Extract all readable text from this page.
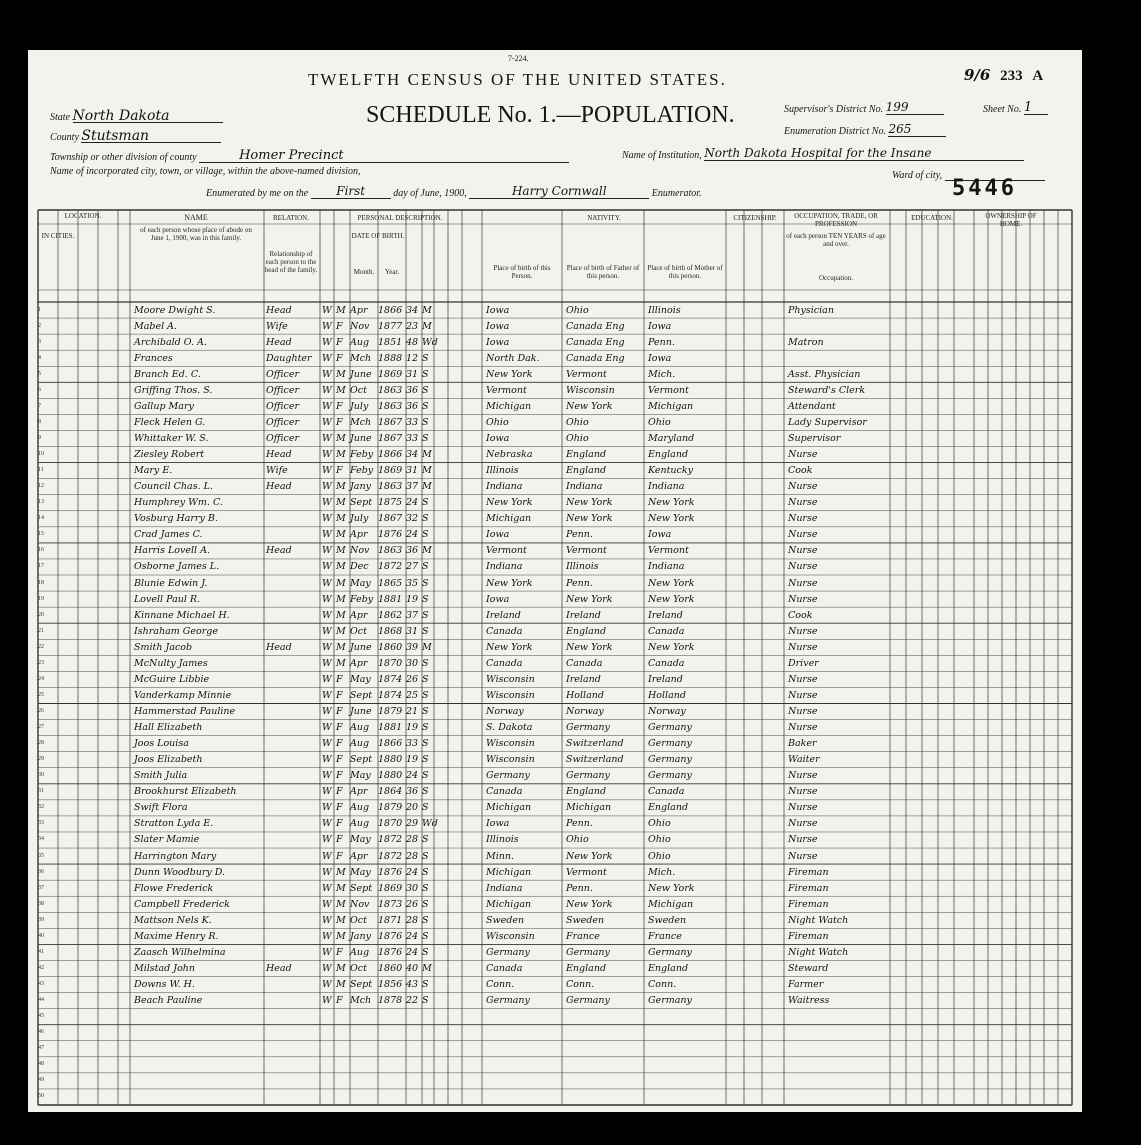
7-224.
TWELFTH CENSUS OF THE UNITED STATES.
SCHEDULE No. 1.—POPULATION.
9/6 233 A
State North Dakota
County Stutsman
Township or other division of county	Homer Precinct
Name of incorporated city, town, or village, within the above-named division,
Name of Institution, North Dakota Hospital for the Insane
Supervisor's District No. 199
Enumeration District No. 265
Sheet No. 1
Ward of city,
Enumerated by me on the First	day of June, 1900,	Harry Cornwall	Enumerator.	5446
LOCATION.
IN CITIES.
NAME
of each person whose place of abode on June 1, 1900, was in this family.
RELATION.
Relationship of each person to the head of the family.
PERSONAL DESCRIPTION.
DATE OF BIRTH.
Month.	Year.
NATIVITY.
Place of birth of this Person.
Place of birth of Father of this person.
Place of birth of Mother of this person.
CITIZENSHIP.	OCCUPATION, TRADE, OR PROFESSION
of each person TEN YEARS of age and over.
Occupation.
EDUCATION.	OWNERSHIP OF HOME.
1	Moore Dwight S.	Head	W M Apr	1866 34 M	Iowa	Ohio	Illinois	Physician
2	Mabel A.	Wife	W F Nov 1877 23 M	Iowa	Canada Eng	Iowa
3	Archibald O. A.	Head	W F Aug 1851 48 Wd	Iowa	Canada Eng	Penn.	Matron
4	Frances	Daughter	W F Mch 1888 12 S	North Dak.	Canada Eng	Iowa
5	Branch Ed. C.	Officer	W M June 1869 31 S	New York	Vermont	Mich.	Asst. Physician
6	Griffing Thos. S.	Officer	W M Oct	1863 36 S	Vermont	Wisconsin	Vermont	Steward's Clerk
7	Gallup Mary	Officer	W F July	1863 36 S	Michigan	New York	Michigan	Attendant
8	Fleck Helen G.	Officer	W F Mch 1867 33 S	Ohio	Ohio	Ohio	Lady Supervisor
9	Whittaker W. S.	Officer	W M June 1867 33 S	Iowa	Ohio	Maryland	Supervisor
10	Ziesley Robert	Head	W M Feby 1866 34 M	Nebraska	England	England	Nurse
11	Mary E.	Wife	W F Feby 1869 31 M	Illinois	England	Kentucky	Cook
12	Council Chas. L.	Head	W M Jany 1863 37 M	Indiana	Indiana	Indiana	Nurse
13	Humphrey Wm. C.	W M Sept 1875 24 S	New York	New York	New York	Nurse
14	Vosburg Harry B.	W M July	1867 32 S	Michigan	New York	New York	Nurse
15	Crad James C.	W M Apr	1876 24 S	Iowa	Penn.	Iowa	Nurse
16	Harris Lovell A.	Head	W M Nov 1863 36 M	Vermont	Vermont	Vermont	Nurse
17	Osborne James L.	W M Dec 1872 27 S	Indiana	Illinois	Indiana	Nurse
18	Blunie Edwin J.	W M May 1865 35 S	New York	Penn.	New York	Nurse
19	Lovell Paul R.	W M Feby 1881 19 S	Iowa	New York	New York	Nurse
20	Kinnane Michael H.	W M Apr	1862 37 S	Ireland	Ireland	Ireland	Cook
21	Ishraham George	W M Oct	1868 31 S	Canada	England	Canada	Nurse
22	Smith Jacob	Head	W M June 1860 39 M	New York	New York	New York	Nurse
23	McNulty James	W M Apr	1870 30 S	Canada	Canada	Canada	Driver
24	McGuire Libbie	W F May 1874 26 S	Wisconsin	Ireland	Ireland	Nurse
25	Vanderkamp Minnie	W F Sept 1874 25 S	Wisconsin	Holland	Holland	Nurse
26	Hammerstad Pauline	W F June 1879 21 S	Norway	Norway	Norway	Nurse
27	Hall Elizabeth	W F Aug 1881 19 S	S. Dakota	Germany	Germany	Nurse
28	Joos Louisa	W F Aug 1866 33 S	Wisconsin	Switzerland	Germany	Baker
29	Joos Elizabeth	W F Sept 1880 19 S	Wisconsin	Switzerland	Germany	Waiter
30	Smith Julia	W F May 1880 24 S	Germany	Germany	Germany	Nurse
31	Brookhurst Elizabeth	W F Apr	1864 36 S	Canada	England	Canada	Nurse
32	Swift Flora	W F Aug 1879 20 S	Michigan	Michigan	England	Nurse
33	Stratton Lyda E.	W F Aug 1870 29 Wd	Iowa	Penn.	Ohio	Nurse
34	Slater Mamie	W F May 1872 28 S	Illinois	Ohio	Ohio	Nurse
35	Harrington Mary	W F Apr	1872 28 S	Minn.	New York	Ohio	Nurse
36	Dunn Woodbury D.	W M May 1876 24 S	Michigan	Vermont	Mich.	Fireman
37	Flowe Frederick	W M Sept 1869 30 S	Indiana	Penn.	New York	Fireman
38	Campbell Frederick	W M Nov 1873 26 S	Michigan	New York	Michigan	Fireman
39	Mattson Nels K.	W M Oct	1871 28 S	Sweden	Sweden	Sweden	Night Watch
40	Maxime Henry R.	W M Jany 1876 24 S	Wisconsin	France	France	Fireman
41	Zaasch Wilhelmina	W F Aug 1876 24 S	Germany	Germany	Germany	Night Watch
42	Milstad John	Head	W M Oct	1860 40 M	Canada	England	England	Steward
43	Downs W. H.	W M Sept 1856 43 S	Conn.	Conn.	Conn.	Farmer
44	Beach Pauline	W F Mch 1878 22 S	Germany	Germany	Germany	Waitress
45
46
47
48
49
50
